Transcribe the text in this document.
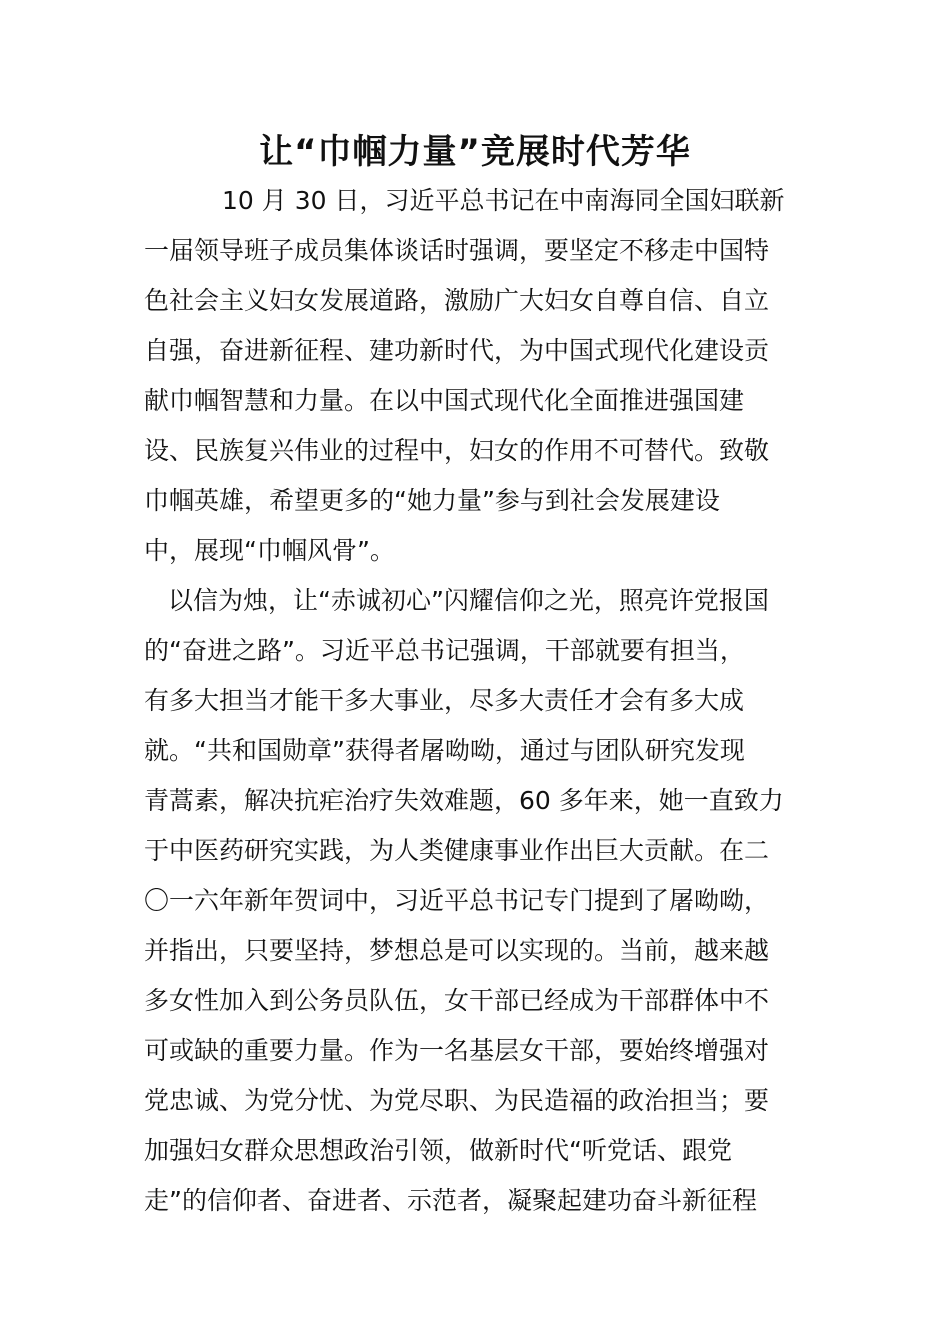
让“巾帼力量”竞展时代芳华
10 月 30 日，习近平总书记在中南海同全国妇联新
一届领导班子成员集体谈话时强调，要坚定不移走中国特
色社会主义妇女发展道路，激励广大妇女自尊自信、自立
自强，奋进新征程、建功新时代，为中国式现代化建设贡
献巾帼智慧和力量。在以中国式现代化全面推进强国建
设、民族复兴伟业的过程中，妇女的作用不可替代。致敬
巾帼英雄，希望更多的“她力量”参与到社会发展建设
中，展现“巾帼风骨”。
以信为烛，让“赤诚初心”闪耀信仰之光，照亮许党报国
的“奋进之路”。习近平总书记强调，干部就要有担当，
有多大担当才能干多大事业，尽多大责任才会有多大成
就。“共和国勋章”获得者屠呦呦，通过与团队研究发现
青蒿素，解决抗疟治疗失效难题，60 多年来，她一直致力
于中医药研究实践，为人类健康事业作出巨大贡献。在二
〇一六年新年贺词中，习近平总书记专门提到了屠呦呦，
并指出，只要坚持，梦想总是可以实现的。当前，越来越
多女性加入到公务员队伍，女干部已经成为干部群体中不
可或缺的重要力量。作为一名基层女干部，要始终增强对
党忠诚、为党分忧、为党尽职、为民造福的政治担当；要
加强妇女群众思想政治引领，做新时代“听党话、跟党
走”的信仰者、奋进者、示范者，凝聚起建功奋斗新征程
